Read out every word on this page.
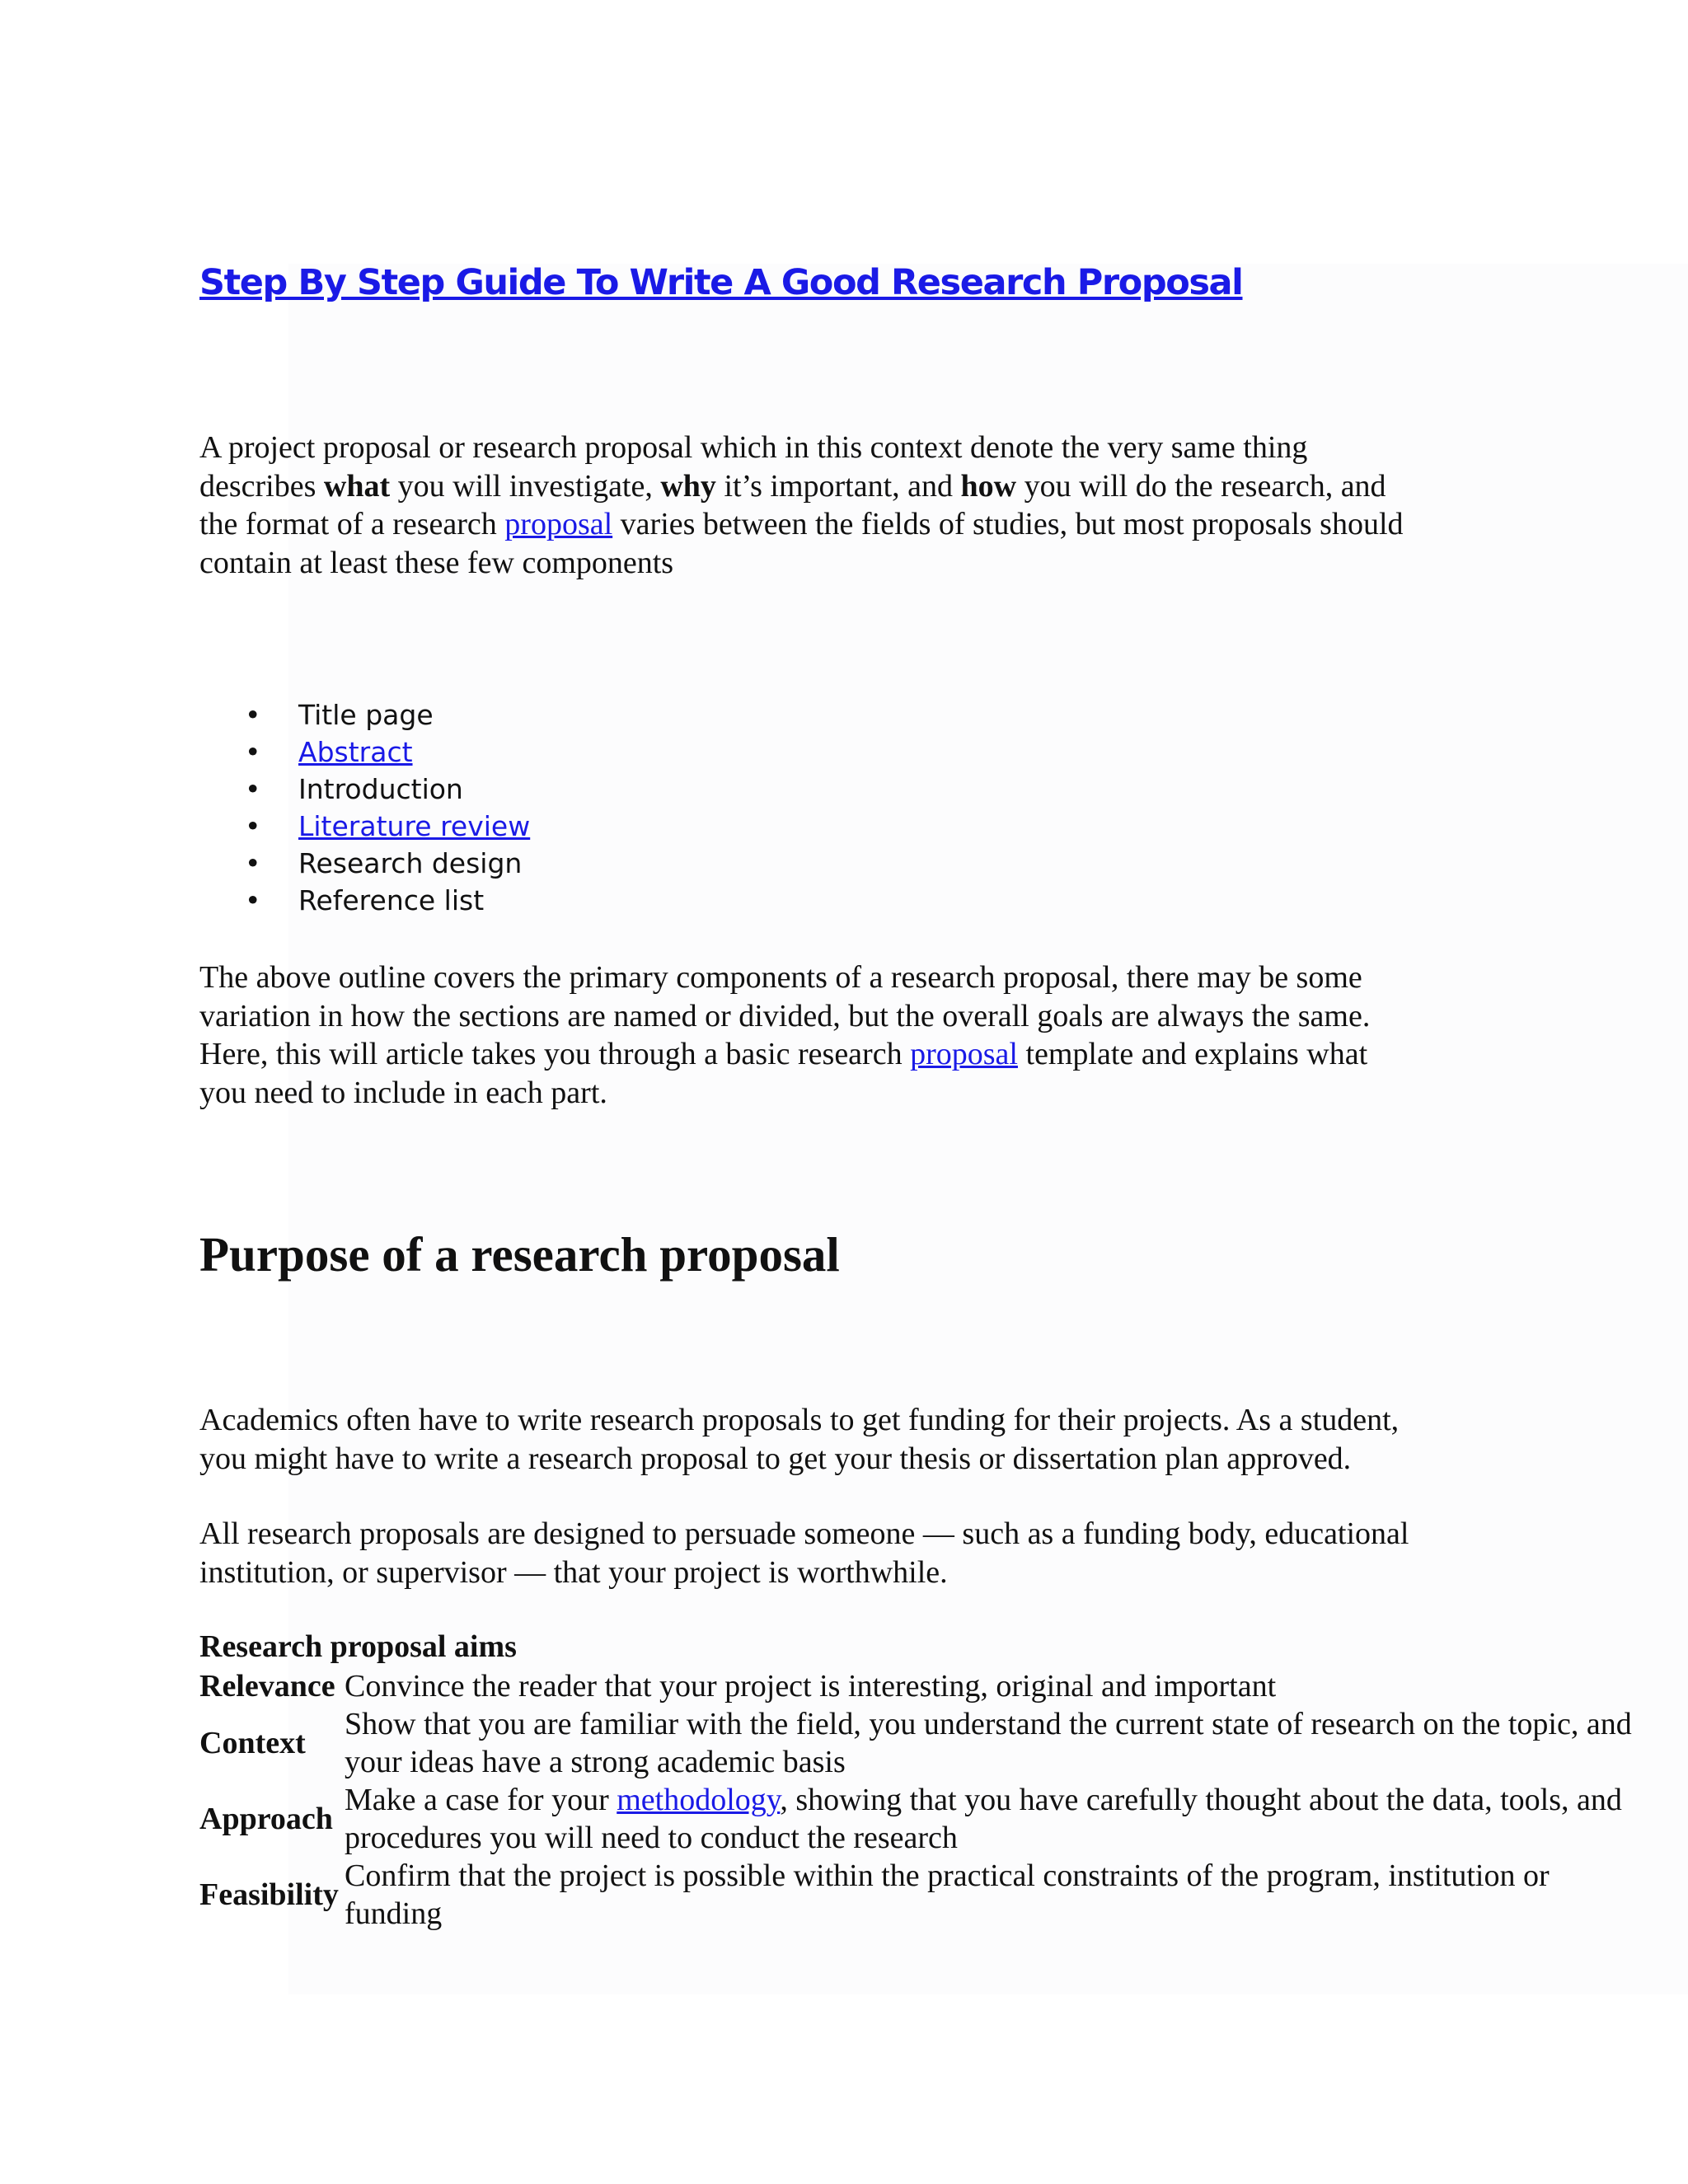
Step By Step Guide To Write A Good Research Proposal

A project proposal or research proposal which in this context denote the very same thing
describes what you will investigate, why it’s important, and how you will do the research, and
the format of a research proposal varies between the fields of studies, but most proposals should
contain at least these few components

• Title page
• Abstract
• Introduction
• Literature review
• Research design
• Reference list

The above outline covers the primary components of a research proposal, there may be some
variation in how the sections are named or divided, but the overall goals are always the same.
Here, this will article takes you through a basic research proposal template and explains what
you need to include in each part.

Purpose of a research proposal

Academics often have to write research proposals to get funding for their projects. As a student,
you might have to write a research proposal to get your thesis or dissertation plan approved.

All research proposals are designed to persuade someone — such as a funding body, educational
institution, or supervisor — that your project is worthwhile.

Research proposal aims

Relevance Convince the reader that your project is interesting, original and important
Context
Show that you are familiar with the field, you understand the current state of research on the topic, and
your ideas have a strong academic basis
Approach
Make a case for your methodology, showing that you have carefully thought about the data, tools, and
procedures you will need to conduct the research
Feasibility
Confirm that the project is possible within the practical constraints of the program, institution or
funding
